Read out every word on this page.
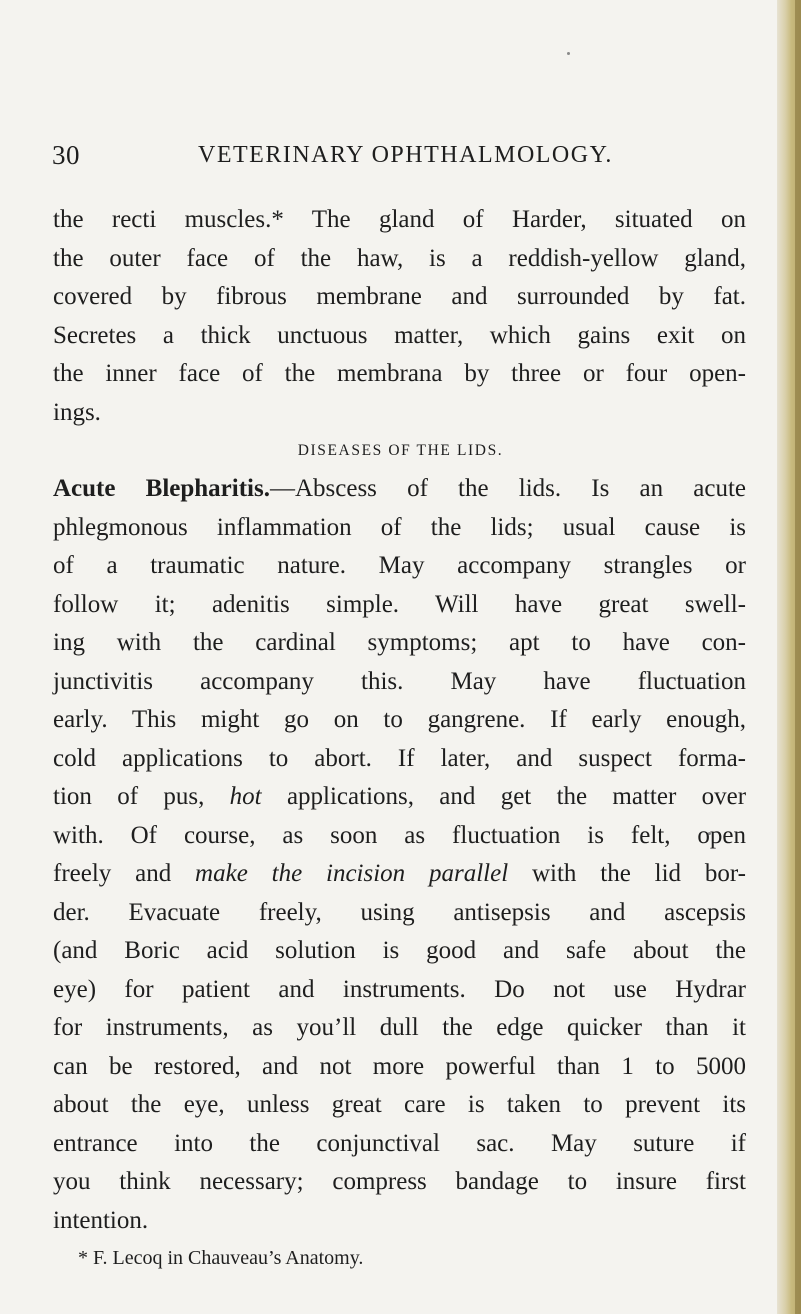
30	VETERINARY OPHTHALMOLOGY.
the recti muscles.* The gland of Harder, situated on
the outer face of the haw, is a reddish-yellow gland,
covered by fibrous membrane and surrounded by fat.
Secretes a thick unctuous matter, which gains exit on
the inner face of the membrana by three or four open-
ings.
DISEASES OF THE LIDS.
Acute Blepharitis.—Abscess of the lids. Is an acute
phlegmonous inflammation of the lids; usual cause is
of a traumatic nature. May accompany strangles or
follow it; adenitis simple. Will have great swell-
ing with the cardinal symptoms; apt to have con-
junctivitis accompany this. May have fluctuation
early. This might go on to gangrene. If early enough,
cold applications to abort. If later, and suspect forma-
tion of pus, hot applications, and get the matter over
with. Of course, as soon as fluctuation is felt, open
freely and make the incision parallel with the lid bor-
der. Evacuate freely, using antisepsis and ascepsis
(and Boric acid solution is good and safe about the
eye) for patient and instruments. Do not use Hydrar
for instruments, as you’ll dull the edge quicker than it
can be restored, and not more powerful than 1 to 5000
about the eye, unless great care is taken to prevent its
entrance into the conjunctival sac. May suture if
you think necessary; compress bandage to insure first
intention.
* F. Lecoq in Chauveau’s Anatomy.
